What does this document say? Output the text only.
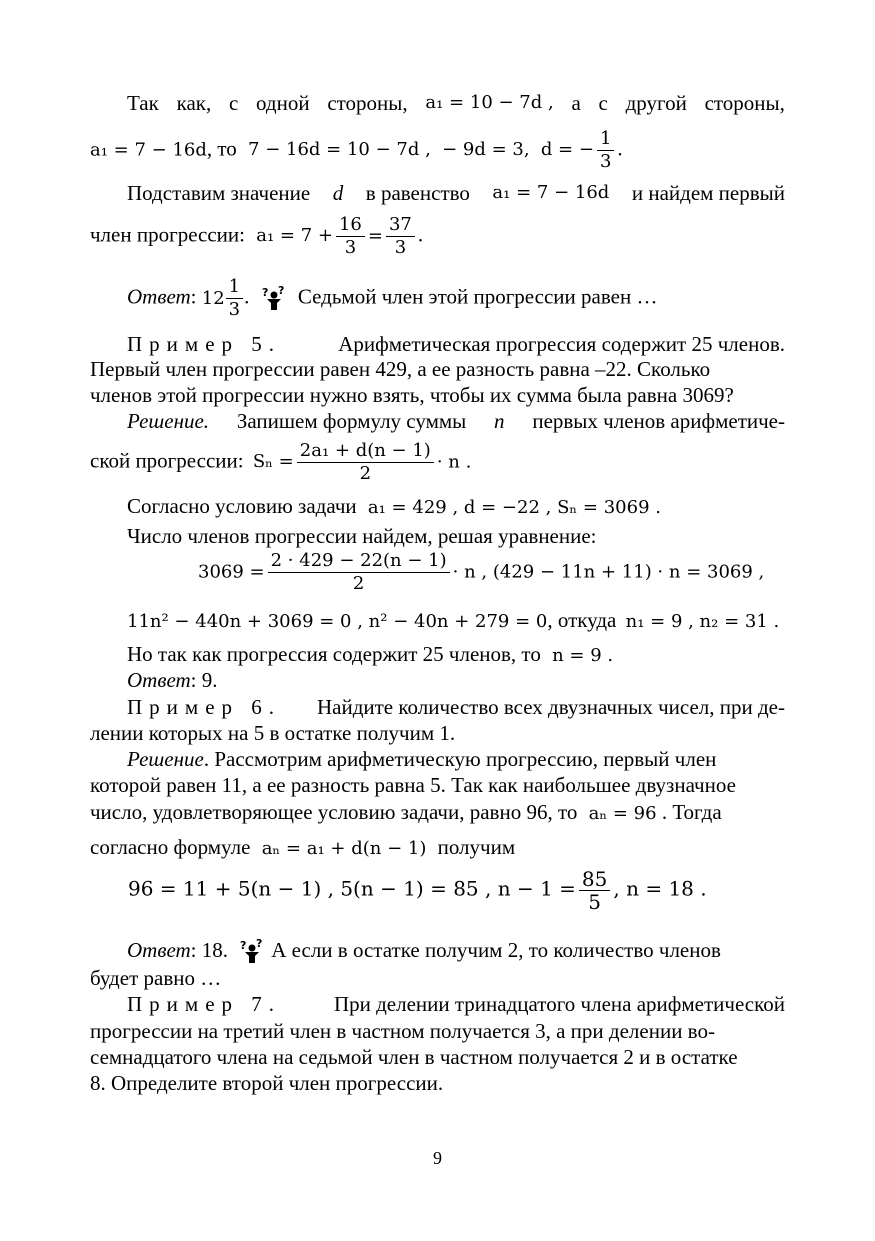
Так как, с одной стороны, a₁ = 10 − 7d , а с другой стороны,
a₁ = 7 − 16d, то 7 − 16d = 10 − 7d , − 9d = 3, d = − $\frac{1}{3}$ .
Подставим значение d в равенство a₁ = 7 − 16d и найдем первый
член прогрессии: $a_1 = 7 + \frac{16}{3} = \frac{37}{3}$ .
Ответ: $12 \frac{1}{3}$ . ? ? Седьмой член этой прогрессии равен …
Пример 5.	Арифметическая прогрессия содержит 25 членов.
Первый член прогрессии равен 429, а ее разность равна –22. Сколько
членов этой прогрессии нужно взять, чтобы их сумма была равна 3069?
Решение. Запишем формулу суммы n первых членов арифметиче-
ской прогрессии: $S_n = \frac{\text{2a₁ + d(n − 1)}}{2} \cdot n$ .
Согласно условию задачи a₁ = 429 , d = −22 , Sₙ = 3069 .
Число членов прогрессии найдем, решая уравнение:
$3069 = \frac{2 \cdot 429 - 22(n - 1)}{2} \cdot n$ , (429 − 11n + 11) · n = 3069 ,
11n² − 440n + 3069 = 0 , n² − 40n + 279 = 0, откуда n₁ = 9 , n₂ = 31 .
Но так как прогрессия содержит 25 членов, то n = 9 .
Ответ: 9.
Пример 6. Найдите количество всех двузначных чисел, при де-
лении которых на 5 в остатке получим 1.
Решение. Рассмотрим арифметическую прогрессию, первый член
которой равен 11, а ее разность равна 5. Так как наибольшее двузначное
число, удовлетворяющее условию задачи, равно 96, то aₙ = 96 . Тогда
согласно формуле aₙ = a₁ + d(n − 1) получим
96 = 11 + 5(n − 1) , 5(n − 1) = 85 , $n - 1 = \frac{85}{5}$ , n = 18 .
Ответ: 18. ? ? А если в остатке получим 2, то количество членов
будет равно …
Пример 7.	При делении тринадцатого члена арифметической
прогрессии на третий член в частном получается 3, а при делении во-
семнадцатого члена на седьмой член в частном получается 2 и в остатке
8. Определите второй член прогрессии.
9
